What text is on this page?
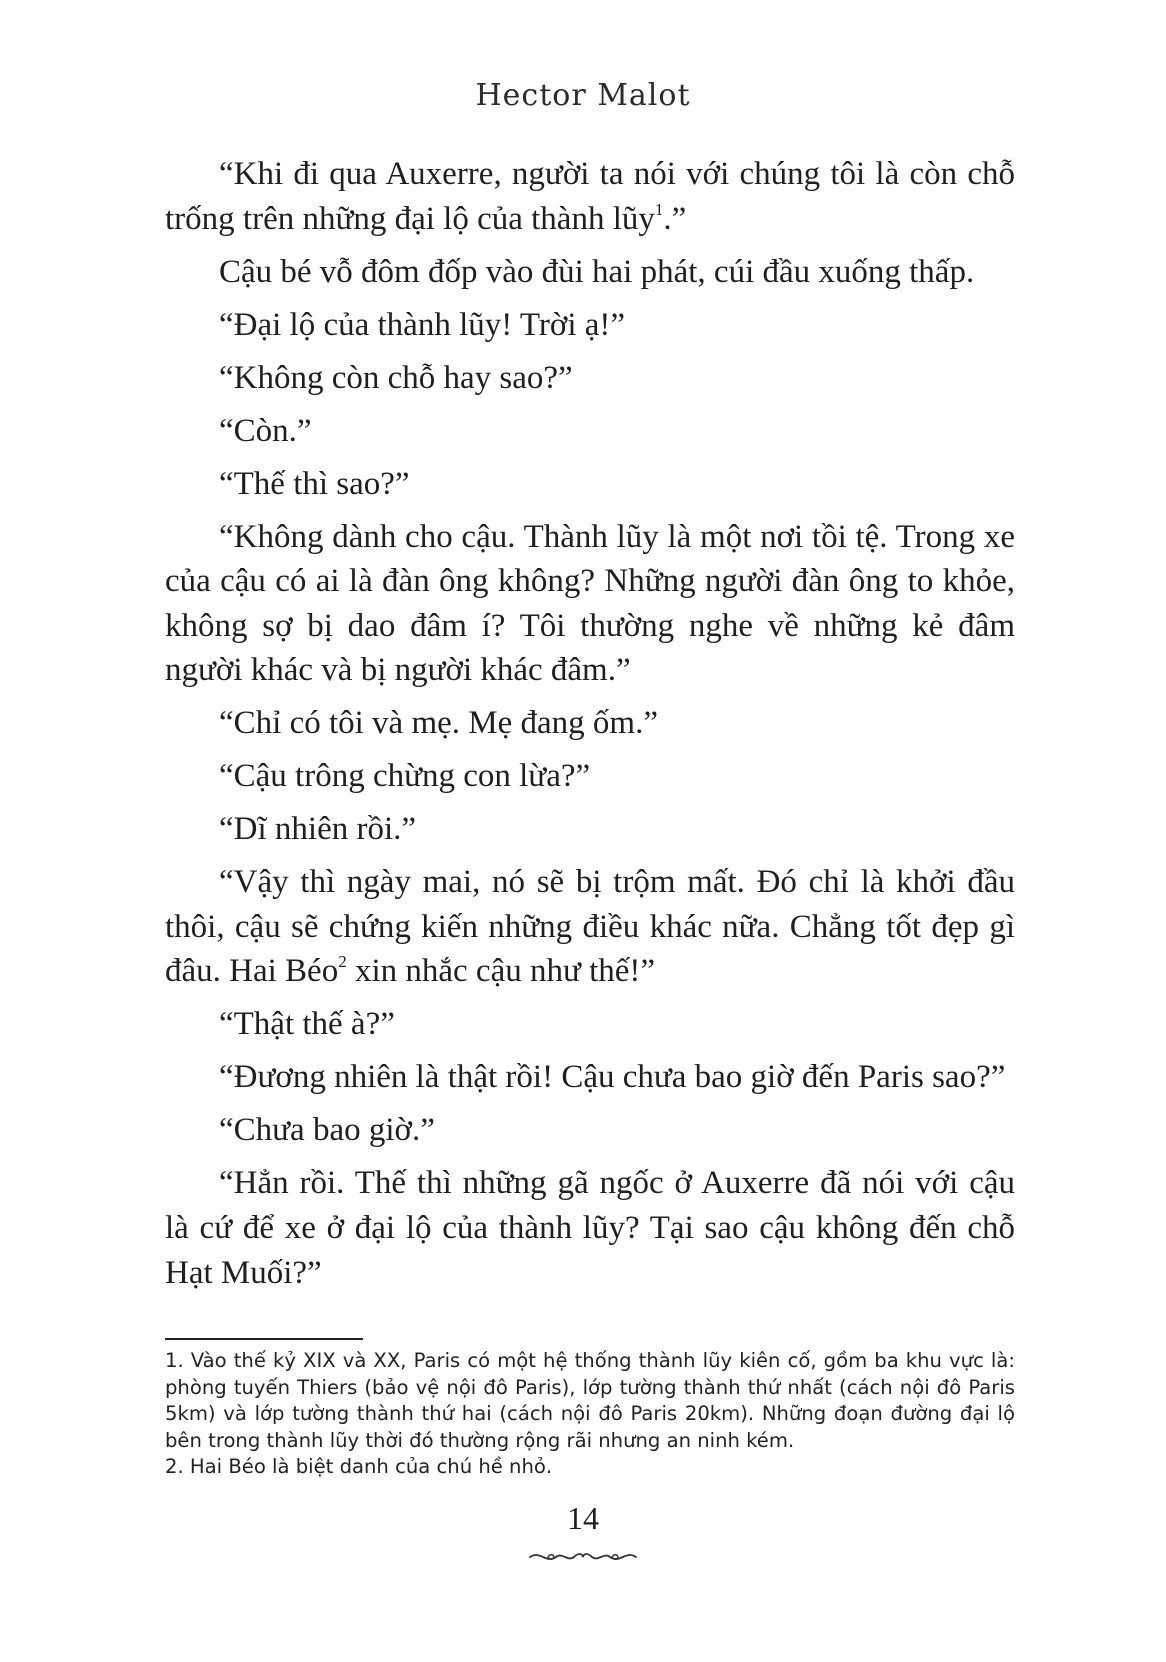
Hector Malot

“Khi đi qua Auxerre, người ta nói với chúng tôi là còn chỗ trống trên những đại lộ của thành lũy$^1$.”

Cậu bé vỗ đôm đốp vào đùi hai phát, cúi đầu xuống thấp.

“Đại lộ của thành lũy! Trời ạ!”

“Không còn chỗ hay sao?”

“Còn.”

“Thế thì sao?”

“Không dành cho cậu. Thành lũy là một nơi tồi tệ. Trong xe của cậu có ai là đàn ông không? Những người đàn ông to khỏe, không sợ bị dao đâm í? Tôi thường nghe về những kẻ đâm người khác và bị người khác đâm.”

“Chỉ có tôi và mẹ. Mẹ đang ốm.”

“Cậu trông chừng con lừa?”

“Dĩ nhiên rồi.”

“Vậy thì ngày mai, nó sẽ bị trộm mất. Đó chỉ là khởi đầu thôi, cậu sẽ chứng kiến những điều khác nữa. Chẳng tốt đẹp gì đâu. Hai Béo$^2$ xin nhắc cậu như thế!”

“Thật thế à?”

“Đương nhiên là thật rồi! Cậu chưa bao giờ đến Paris sao?”

“Chưa bao giờ.”

“Hẳn rồi. Thế thì những gã ngốc ở Auxerre đã nói với cậu là cứ để xe ở đại lộ của thành lũy? Tại sao cậu không đến chỗ Hạt Muối?”

1. Vào thế kỷ XIX và XX, Paris có một hệ thống thành lũy kiên cố, gồm ba khu vực là: phòng tuyến Thiers (bảo vệ nội đô Paris), lớp tường thành thứ nhất (cách nội đô Paris 5km) và lớp tường thành thứ hai (cách nội đô Paris 20km). Những đoạn đường đại lộ bên trong thành lũy thời đó thường rộng rãi nhưng an ninh kém.

2. Hai Béo là biệt danh của chú hề nhỏ.

14
